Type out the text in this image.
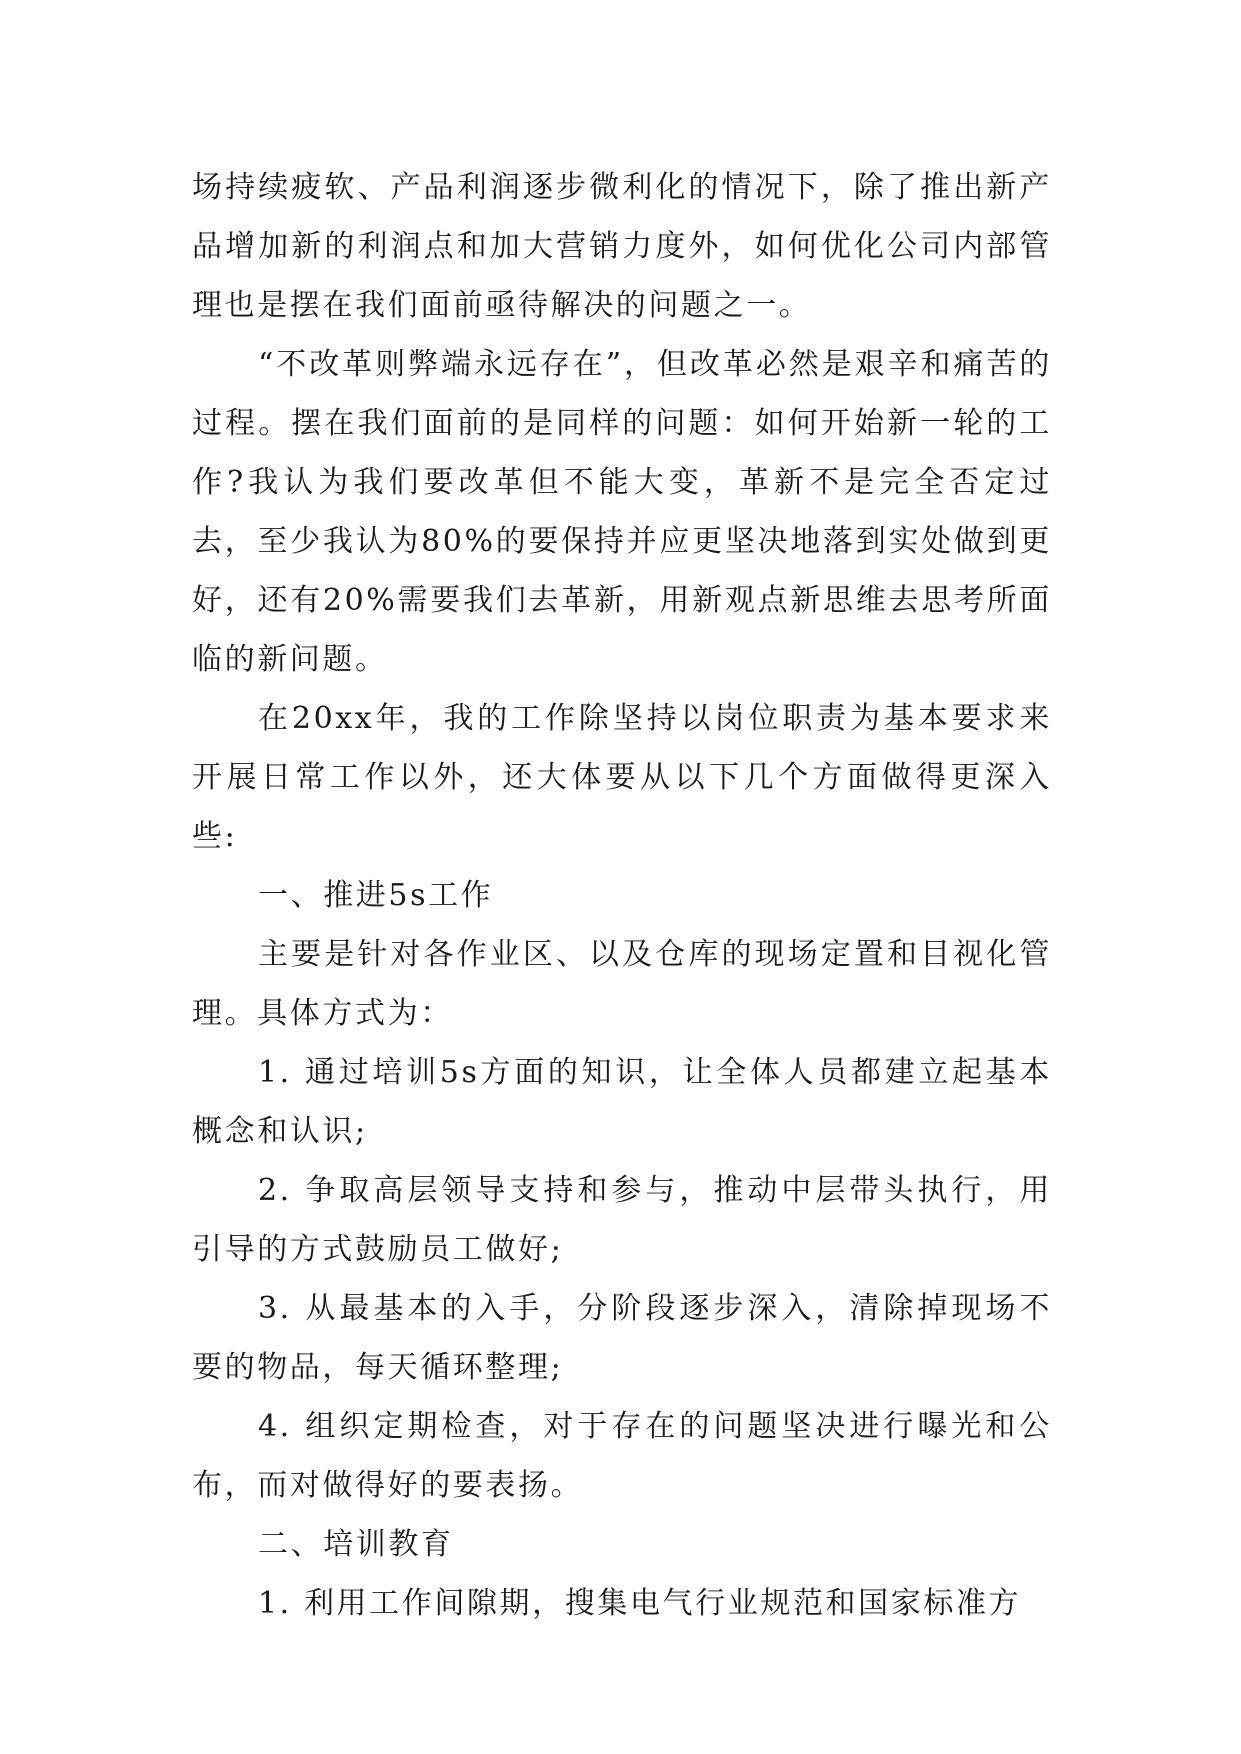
场持续疲软、产品利润逐步微利化的情况下，除了推出新产品增加新的利润点和加大营销力度外，如何优化公司内部管理也是摆在我们面前亟待解决的问题之一。

“不改革则弊端永远存在”，但改革必然是艰辛和痛苦的过程。摆在我们面前的是同样的问题：如何开始新一轮的工作?我认为我们要改革但不能大变，革新不是完全否定过去，至少我认为80%的要保持并应更坚决地落到实处做到更好，还有20%需要我们去革新，用新观点新思维去思考所面临的新问题。

在20xx年，我的工作除坚持以岗位职责为基本要求来开展日常工作以外，还大体要从以下几个方面做得更深入些:

一、推进5s工作

主要是针对各作业区、以及仓库的现场定置和目视化管理。具体方式为：

1. 通过培训5s方面的知识，让全体人员都建立起基本概念和认识;

2. 争取高层领导支持和参与，推动中层带头执行，用引导的方式鼓励员工做好;

3. 从最基本的入手，分阶段逐步深入，清除掉现场不要的物品，每天循环整理;

4. 组织定期检查，对于存在的问题坚决进行曝光和公布，而对做得好的要表扬。

二、培训教育

1. 利用工作间隙期，搜集电气行业规范和国家标准方
